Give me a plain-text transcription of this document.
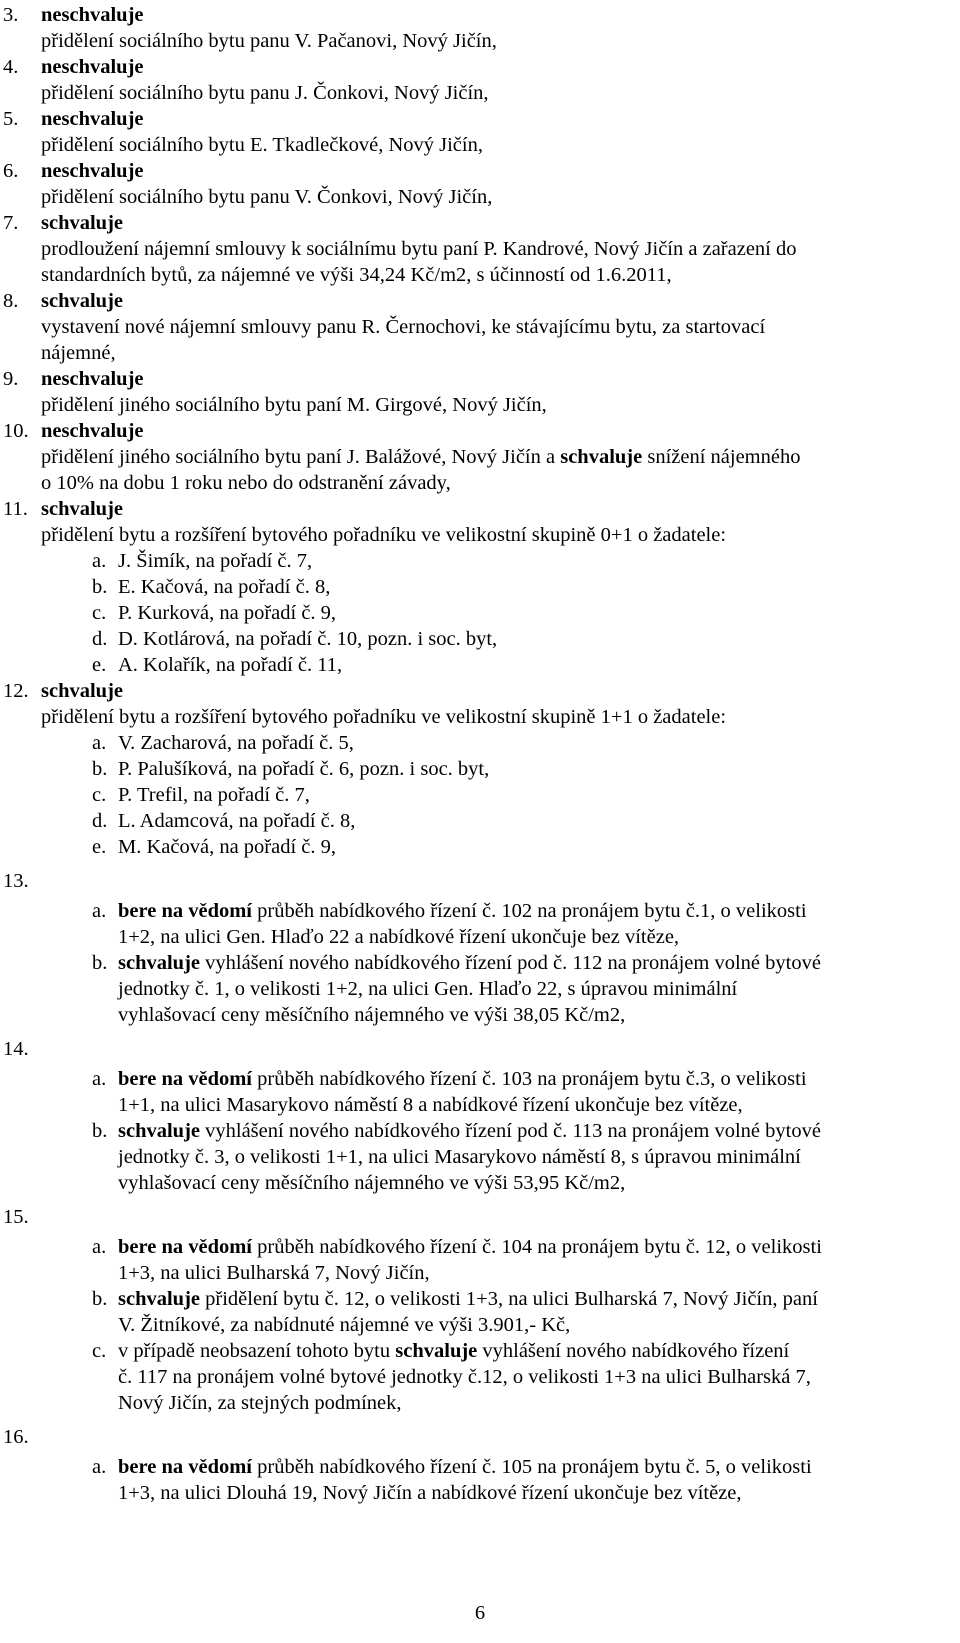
3. neschvaluje
přidělení sociálního bytu panu V. Pačanovi, Nový Jičín,
4. neschvaluje
přidělení sociálního bytu panu J. Čonkovi, Nový Jičín,
5. neschvaluje
přidělení sociálního bytu E. Tkadlečkové, Nový Jičín,
6. neschvaluje
přidělení sociálního bytu panu V. Čonkovi, Nový Jičín,
7. schvaluje
prodloužení nájemní smlouvy k sociálnímu bytu paní P. Kandrové, Nový Jičín a zařazení do
standardních bytů, za nájemné ve výši 34,24 Kč/m2, s účinností od 1.6.2011,
8. schvaluje
vystavení nové nájemní smlouvy panu R. Černochovi, ke stávajícímu bytu, za startovací
nájemné,
9. neschvaluje
přidělení jiného sociálního bytu paní M. Girgové, Nový Jičín,
10. neschvaluje
přidělení jiného sociálního bytu paní J. Balážové, Nový Jičín a schvaluje snížení nájemného
o 10% na dobu 1 roku nebo do odstranění závady,
11. schvaluje
přidělení bytu a rozšíření bytového pořadníku ve velikostní skupině 0+1 o žadatele:
a. J. Šimík, na pořadí č. 7,
b. E. Kačová, na pořadí č. 8,
c. P. Kurková, na pořadí č. 9,
d. D. Kotlárová, na pořadí č. 10, pozn. i soc. byt,
e. A. Kolařík, na pořadí č. 11,
12. schvaluje
přidělení bytu a rozšíření bytového pořadníku ve velikostní skupině 1+1 o žadatele:
a. V. Zacharová, na pořadí č. 5,
b. P. Palušíková, na pořadí č. 6, pozn. i soc. byt,
c. P. Trefil, na pořadí č. 7,
d. L. Adamcová, na pořadí č. 8,
e. M. Kačová, na pořadí č. 9,
13.
a. bere na vědomí průběh nabídkového řízení č. 102 na pronájem bytu č.1, o velikosti
1+2, na ulici Gen. Hlaďo 22 a nabídkové řízení ukončuje bez vítěze,
b. schvaluje vyhlášení nového nabídkového řízení pod č. 112 na pronájem volné bytové
jednotky č. 1, o velikosti 1+2, na ulici Gen. Hlaďo 22, s úpravou minimální
vyhlašovací ceny měsíčního nájemného ve výši 38,05 Kč/m2,
14.
a. bere na vědomí průběh nabídkového řízení č. 103 na pronájem bytu č.3, o velikosti
1+1, na ulici Masarykovo náměstí 8 a nabídkové řízení ukončuje bez vítěze,
b. schvaluje vyhlášení nového nabídkového řízení pod č. 113 na pronájem volné bytové
jednotky č. 3, o velikosti 1+1, na ulici Masarykovo náměstí 8, s úpravou minimální
vyhlašovací ceny měsíčního nájemného ve výši 53,95 Kč/m2,
15.
a. bere na vědomí průběh nabídkového řízení č. 104 na pronájem bytu č. 12, o velikosti
1+3, na ulici Bulharská 7, Nový Jičín,
b. schvaluje přidělení bytu č. 12, o velikosti 1+3, na ulici Bulharská 7, Nový Jičín, paní
V. Žitníkové, za nabídnuté nájemné ve výši 3.901,- Kč,
c. v případě neobsazení tohoto bytu schvaluje vyhlášení nového nabídkového řízení
č. 117 na pronájem volné bytové jednotky č.12, o velikosti 1+3 na ulici Bulharská 7,
Nový Jičín, za stejných podmínek,
16.
a. bere na vědomí průběh nabídkového řízení č. 105 na pronájem bytu č. 5, o velikosti
1+3, na ulici Dlouhá 19, Nový Jičín a nabídkové řízení ukončuje bez vítěze,
6
